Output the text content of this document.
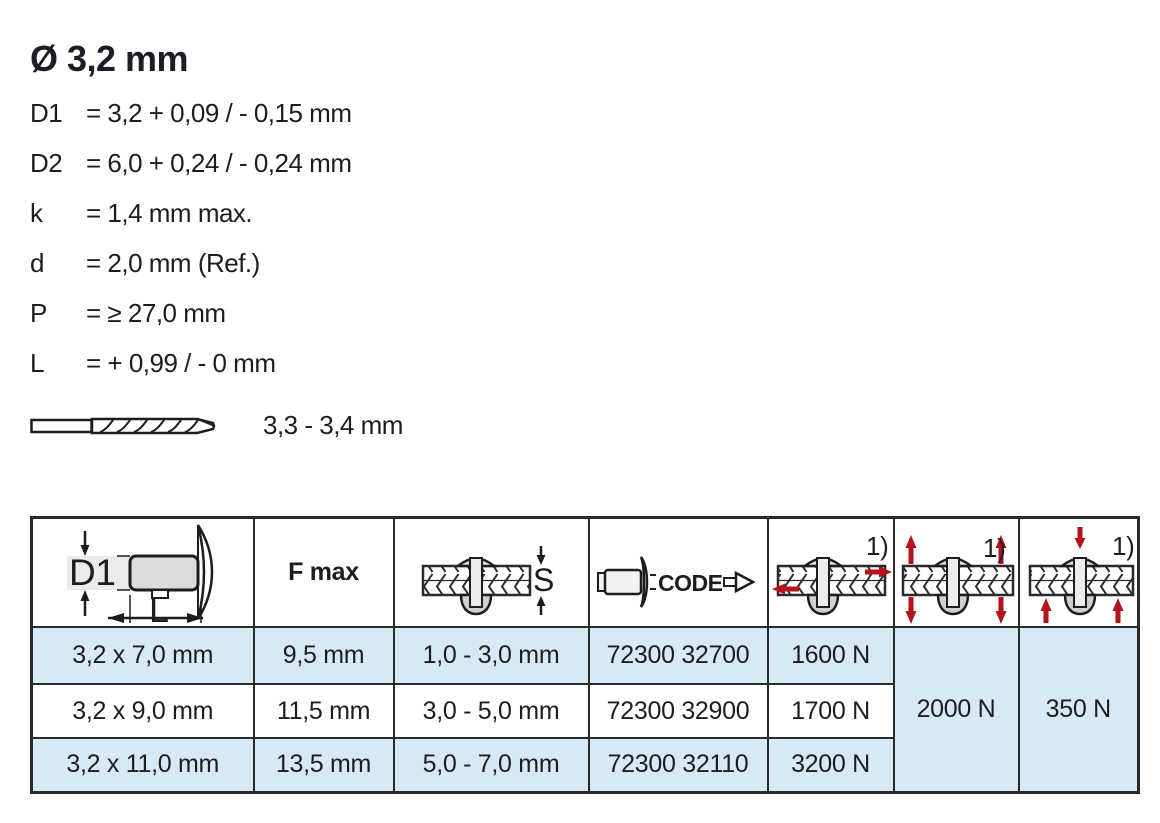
Ø 3,2 mm
D1 = 3,2 + 0,09 / - 0,15 mm
D2 = 6,0 + 0,24 / - 0,24 mm
k	= 1,4 mm max.
d	= 2,0 mm (Ref.)
P	= ≥ 27,0 mm
L	= + 0,99 / - 0 mm
3,3 - 3,4 mm
D1
L	F max	S	CODE	1)	1)	1)

3,2 x 7,0 mm	9,5 mm	1,0 - 3,0 mm	72300 32700	1600 N	2000 N	350 N
3,2 x 9,0 mm	11,5 mm	3,0 - 5,0 mm	72300 32900	1700 N		
3,2 x 11,0 mm	13,5 mm	5,0 - 7,0 mm	72300 32110	3200 N		
